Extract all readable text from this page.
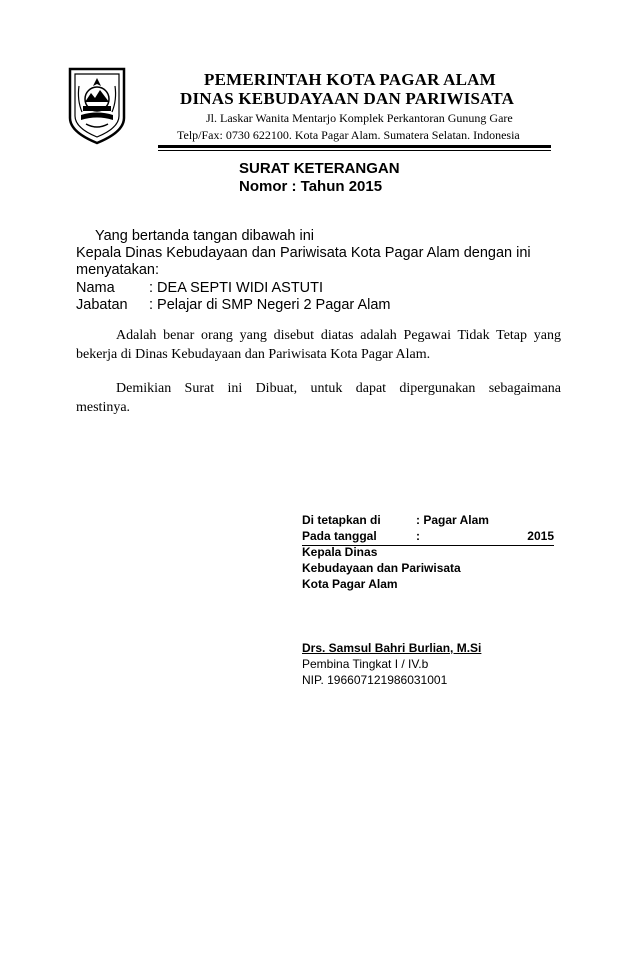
PEMERINTAH KOTA PAGAR ALAM
DINAS KEBUDAYAAN DAN PARIWISATA
Jl. Laskar Wanita Mentarjo Komplek Perkantoran Gunung Gare
Telp/Fax: 0730 622100. Kota Pagar Alam. Sumatera Selatan. Indonesia
SURAT KETERANGAN
Nomor : Tahun 2015
Yang bertanda tangan dibawah ini
Kepala Dinas Kebudayaan dan Pariwisata Kota Pagar Alam dengan ini
menyatakan:
Nama : DEA SEPTI WIDI ASTUTI
Jabatan : Pelajar di SMP Negeri 2 Pagar Alam
Adalah benar orang yang disebut diatas adalah Pegawai Tidak Tetap yang
bekerja di Dinas Kebudayaan dan Pariwisata Kota Pagar Alam.
Demikian Surat ini Dibuat, untuk dapat dipergunakan sebagaimana
mestinya.
Di tetapkan di	: Pagar Alam
Pada tanggal	:	2015
Kepala Dinas
Kebudayaan dan Pariwisata
Kota Pagar Alam
Drs. Samsul Bahri Burlian, M.Si
Pembina Tingkat I / IV.b
NIP. 196607121986031001
